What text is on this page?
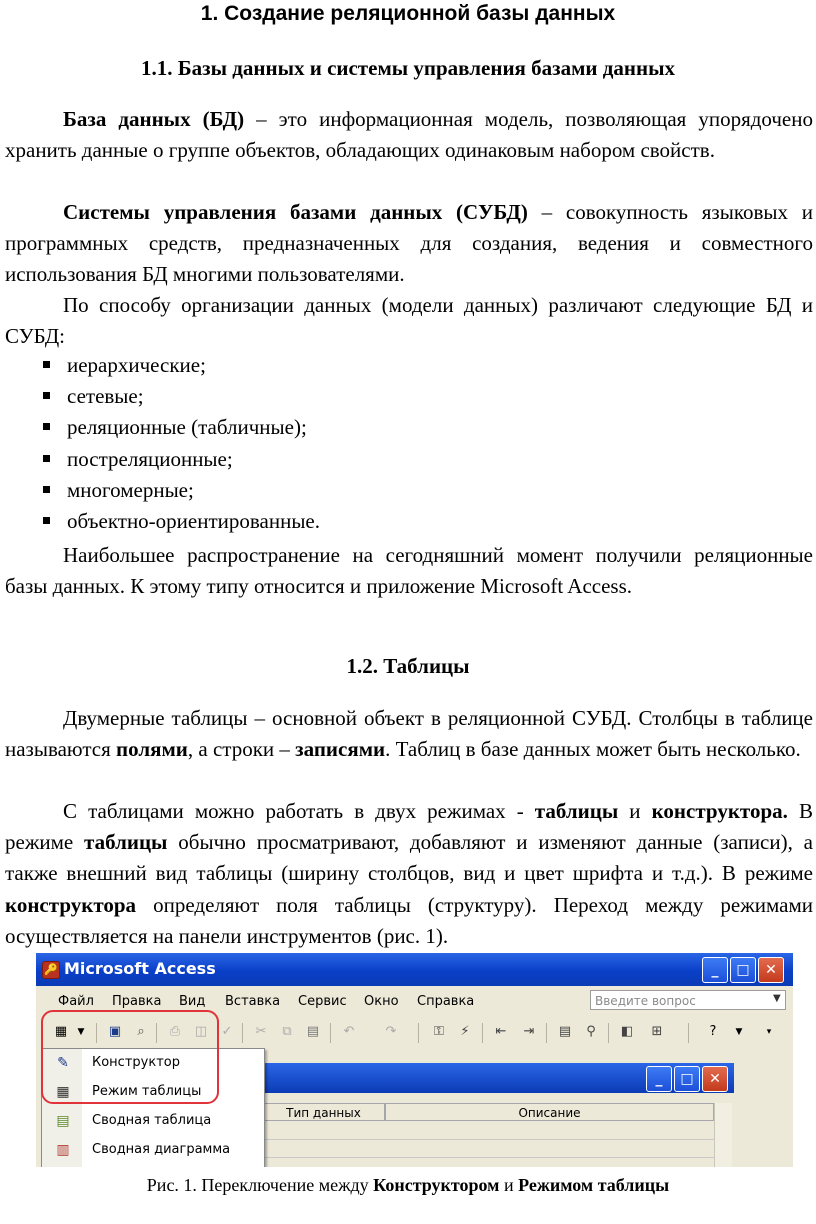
1. Создание реляционной базы данных
1.1. Базы данных и системы управления базами данных

База данных (БД) – это информационная модель, позволяющая упорядочено хранить данные о группе объектов, обладающих одинаковым набором свойств.

Системы управления базами данных (СУБД) – совокупность языковых и программных средств, предназначенных для создания, ведения и совместного использования БД многими пользователями.

По способу организации данных (модели данных) различают следующие БД и СУБД:

иерархические;
сетевые;
реляционные (табличные);
постреляционные;
многомерные;
объектно-ориентированные.

Наибольшее распространение на сегодняшний момент получили реляционные базы данных. К этому типу относится и приложение Microsoft Access.

1.2. Таблицы

Двумерные таблицы – основной объект в реляционной СУБД. Столбцы в таблице называются полями, а строки – записями. Таблиц в базе данных может быть несколько.

С таблицами можно работать в двух режимах - таблицы и конструктора. В режиме таблицы обычно просматривают, добавляют и изменяют данные (записи), а также внешний вид таблицы (ширину столбцов, вид и цвет шрифта и т.д.). В режиме конструктора определяют поля таблицы (структуру). Переход между режимами осуществляется на панели инструментов (рис. 1).

🔑 Microsoft Access	_	□	✕
Файл Правка Вид Вставка Сервис Окно Справка	Введите вопрос	▼
▦	▼	▣	⌕	⎙ ◫ ✓ ✂	⧉	▤ ↶ ↷	⚿	⚡	⇤ ⇥ ▤	⚲	◧ ⊞	?	▼	▾
_	□	✕
Тип данных	Описание
✎ Конструктор
▦ Режим таблицы
▤ Сводная таблица
▥ Сводная диаграмма
Рис. 1. Переключение между Конструктором и Режимом таблицы
